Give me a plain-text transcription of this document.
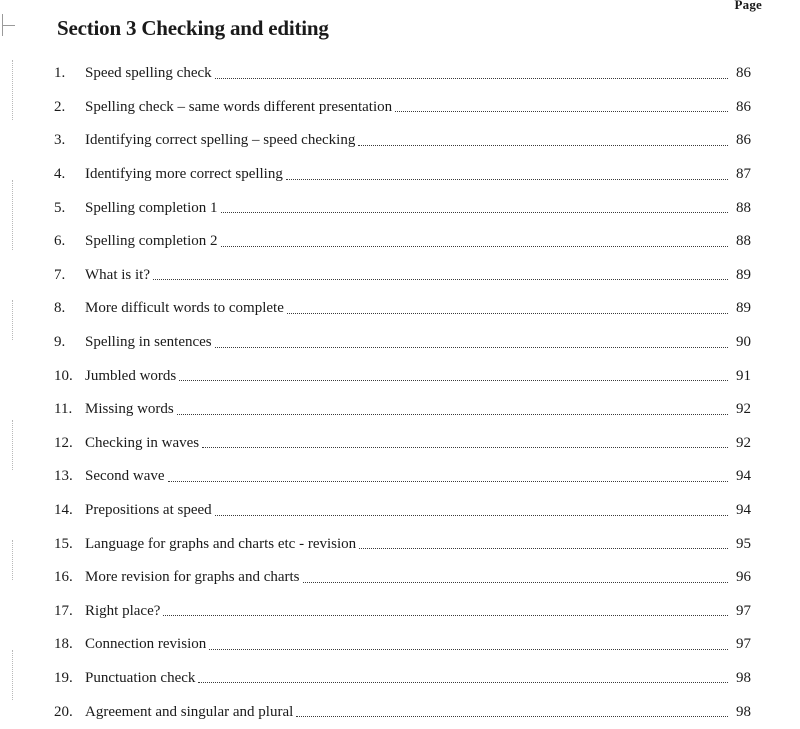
Page
Section 3 Checking and editing
1.	Speed spelling check	86
2.	Spelling check – same words different presentation	86
3.	Identifying correct spelling – speed checking	86
4.	Identifying more correct spelling	87
5.	Spelling completion 1	88
6.	Spelling completion 2	88
7.	What is it?	89
8.	More difficult words to complete	89
9.	Spelling in sentences	90
10. Jumbled words	91
11. Missing words	92
12. Checking in waves	92
13. Second wave	94
14. Prepositions at speed	94
15. Language for graphs and charts etc - revision	95
16. More revision for graphs and charts	96
17. Right place?	97
18. Connection revision	97
19. Punctuation check	98
20. Agreement and singular and plural	98
